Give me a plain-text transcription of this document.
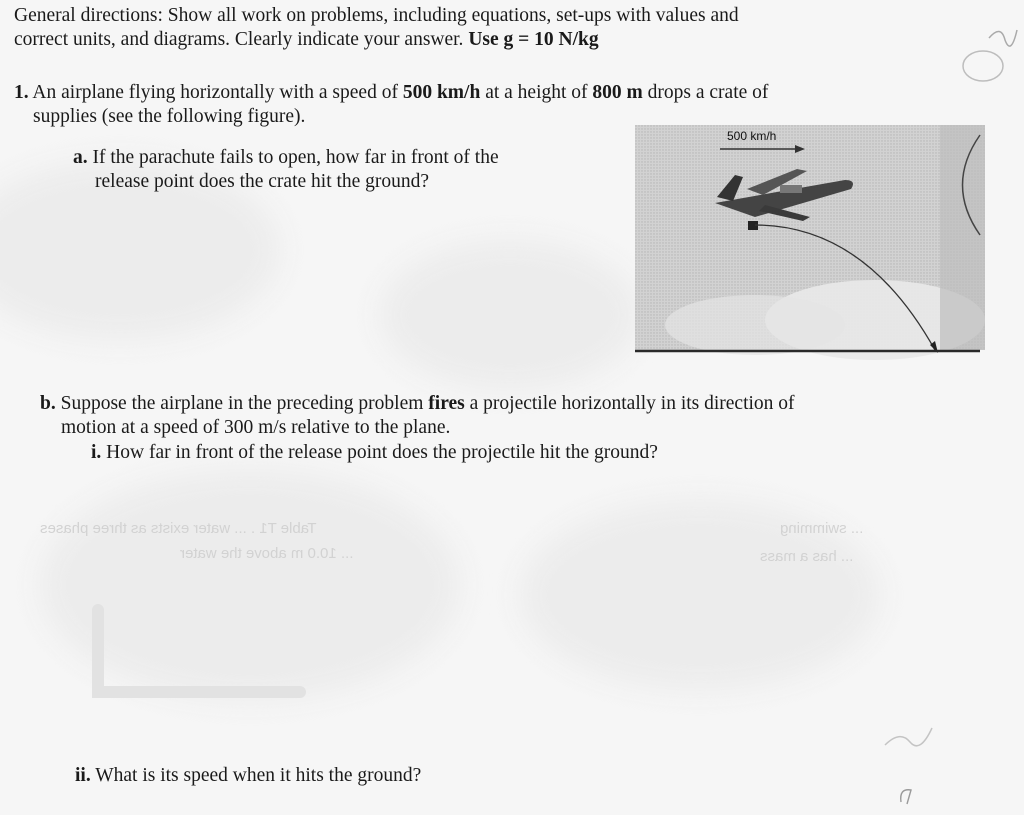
Table T1 . ... water exists as three phases
... 10.0 m above the water
... swimming
... has a mass
General directions: Show all work on problems, including equations, set-ups with values and
correct units, and diagrams. Clearly indicate your answer. Use g = 10 N/kg
1. An airplane flying horizontally with a speed of 500 km/h at a height of 800 m drops a crate of
supplies (see the following figure).
a. If the parachute fails to open, how far in front of the
release point does the crate hit the ground?
500 km/h
b. Suppose the airplane in the preceding problem fires a projectile horizontally in its direction of
motion at a speed of 300 m/s relative to the plane.
i. How far in front of the release point does the projectile hit the ground?
ii. What is its speed when it hits the ground?
